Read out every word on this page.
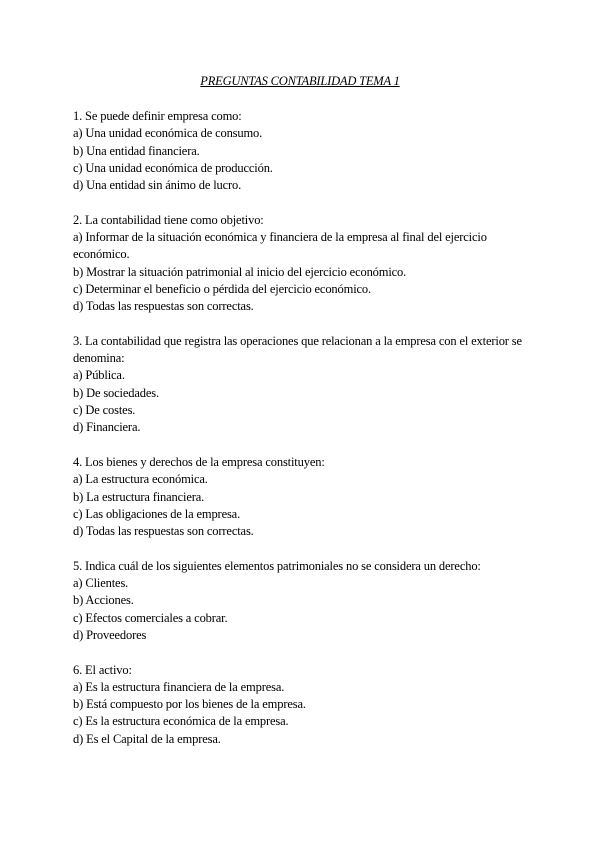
PREGUNTAS CONTABILIDAD TEMA 1
1. Se puede definir empresa como:
a) Una unidad económica de consumo.
b) Una entidad financiera.
c) Una unidad económica de producción.
d) Una entidad sin ánimo de lucro.
2. La contabilidad tiene como objetivo:
a) Informar de la situación económica y financiera de la empresa al final del ejercicio económico.
b) Mostrar la situación patrimonial al inicio del ejercicio económico.
c) Determinar el beneficio o pérdida del ejercicio económico.
d) Todas las respuestas son correctas.
3. La contabilidad que registra las operaciones que relacionan a la empresa con el exterior se denomina:
a) Pública.
b) De sociedades.
c) De costes.
d) Financiera.
4. Los bienes y derechos de la empresa constituyen:
a) La estructura económica.
b) La estructura financiera.
c) Las obligaciones de la empresa.
d) Todas las respuestas son correctas.
5. Indica cuál de los siguientes elementos patrimoniales no se considera un derecho:
a) Clientes.
b) Acciones.
c) Efectos comerciales a cobrar.
d) Proveedores
6. El activo:
a) Es la estructura financiera de la empresa.
b) Está compuesto por los bienes de la empresa.
c) Es la estructura económica de la empresa.
d) Es el Capital de la empresa.
